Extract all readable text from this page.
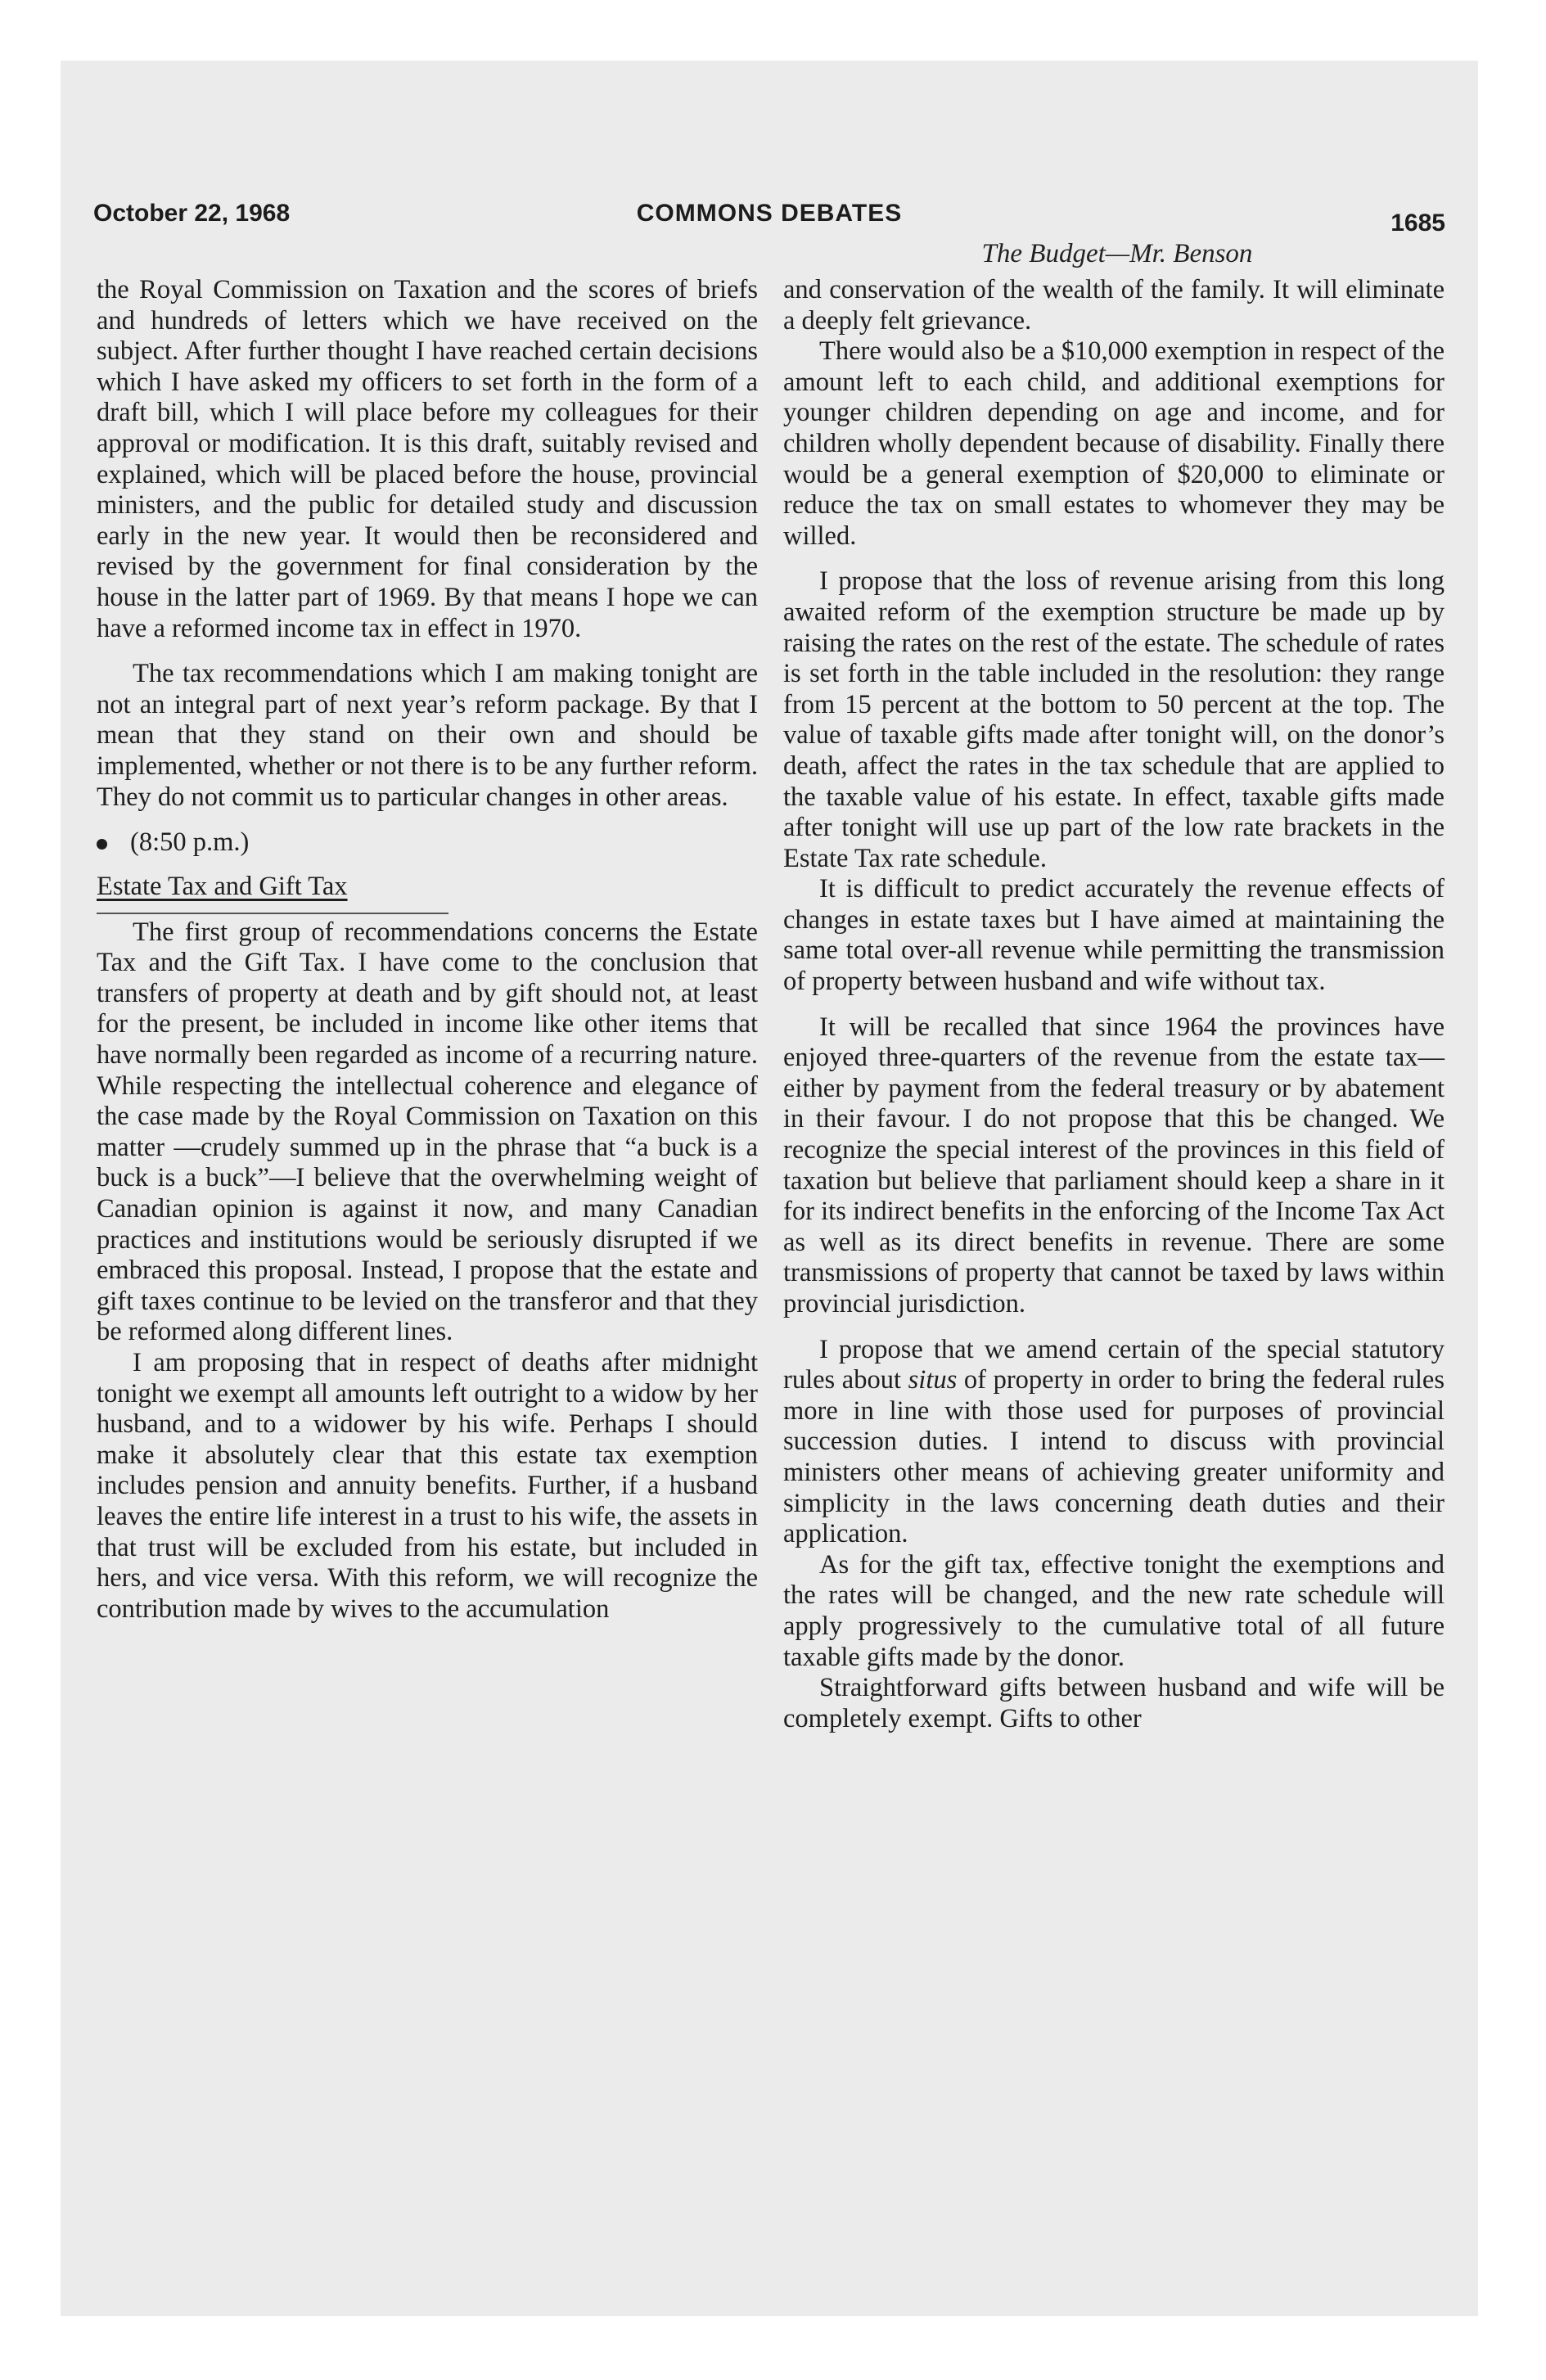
October 22, 1968	COMMONS DEBATES	1685
The Budget—Mr. Benson

the Royal Commission on Taxation and the scores of briefs and hundreds of letters which we have received on the subject. After further thought I have reached certain decisions which I have asked my officers to set forth in the form of a draft bill, which I will place before my colleagues for their approval or modification. It is this draft, suitably revised and explained, which will be placed before the house, provincial ministers, and the public for detailed study and discussion early in the new year. It would then be reconsidered and revised by the government for final consideration by the house in the latter part of 1969. By that means I hope we can have a reformed income tax in effect in 1970.

The tax recommendations which I am making tonight are not an integral part of next year’s reform package. By that I mean that they stand on their own and should be implemented, whether or not there is to be any further reform. They do not commit us to particular changes in other areas.

(8:50 p.m.)
Estate Tax and Gift Tax

The first group of recommendations concerns the Estate Tax and the Gift Tax. I have come to the conclusion that transfers of property at death and by gift should not, at least for the present, be included in income like other items that have normally been regarded as income of a recurring nature. While respecting the intellectual coherence and elegance of the case made by the Royal Commission on Taxation on this matter —crudely summed up in the phrase that “a buck is a buck is a buck”—I believe that the overwhelming weight of Canadian opinion is against it now, and many Canadian practices and institutions would be seriously disrupted if we embraced this proposal. Instead, I propose that the estate and gift taxes continue to be levied on the transferor and that they be reformed along different lines.

I am proposing that in respect of deaths after midnight tonight we exempt all amounts left outright to a widow by her husband, and to a widower by his wife. Perhaps I should make it absolutely clear that this estate tax exemption includes pension and annuity benefits. Further, if a husband leaves the entire life interest in a trust to his wife, the assets in that trust will be excluded from his estate, but included in hers, and vice versa. With this reform, we will recognize the contribution made by wives to the accumulation

and conservation of the wealth of the family. It will eliminate a deeply felt grievance.

There would also be a $10,000 exemption in respect of the amount left to each child, and additional exemptions for younger children depending on age and income, and for children wholly dependent because of disability. Finally there would be a general exemption of $20,000 to eliminate or reduce the tax on small estates to whomever they may be willed.

I propose that the loss of revenue arising from this long awaited reform of the exemption structure be made up by raising the rates on the rest of the estate. The schedule of rates is set forth in the table included in the resolution: they range from 15 percent at the bottom to 50 percent at the top. The value of taxable gifts made after tonight will, on the donor’s death, affect the rates in the tax schedule that are applied to the taxable value of his estate. In effect, taxable gifts made after tonight will use up part of the low rate brackets in the Estate Tax rate schedule.

It is difficult to predict accurately the revenue effects of changes in estate taxes but I have aimed at maintaining the same total over-all revenue while permitting the transmission of property between husband and wife without tax.

It will be recalled that since 1964 the provinces have enjoyed three-quarters of the revenue from the estate tax—either by payment from the federal treasury or by abatement in their favour. I do not propose that this be changed. We recognize the special interest of the provinces in this field of taxation but believe that parliament should keep a share in it for its indirect benefits in the enforcing of the Income Tax Act as well as its direct benefits in revenue. There are some transmissions of property that cannot be taxed by laws within provincial jurisdiction.

I propose that we amend certain of the special statutory rules about situs of property in order to bring the federal rules more in line with those used for purposes of provincial succession duties. I intend to discuss with provincial ministers other means of achieving greater uniformity and simplicity in the laws concerning death duties and their application.

As for the gift tax, effective tonight the exemptions and the rates will be changed, and the new rate schedule will apply progressively to the cumulative total of all future taxable gifts made by the donor.

Straightforward gifts between husband and wife will be completely exempt. Gifts to other
